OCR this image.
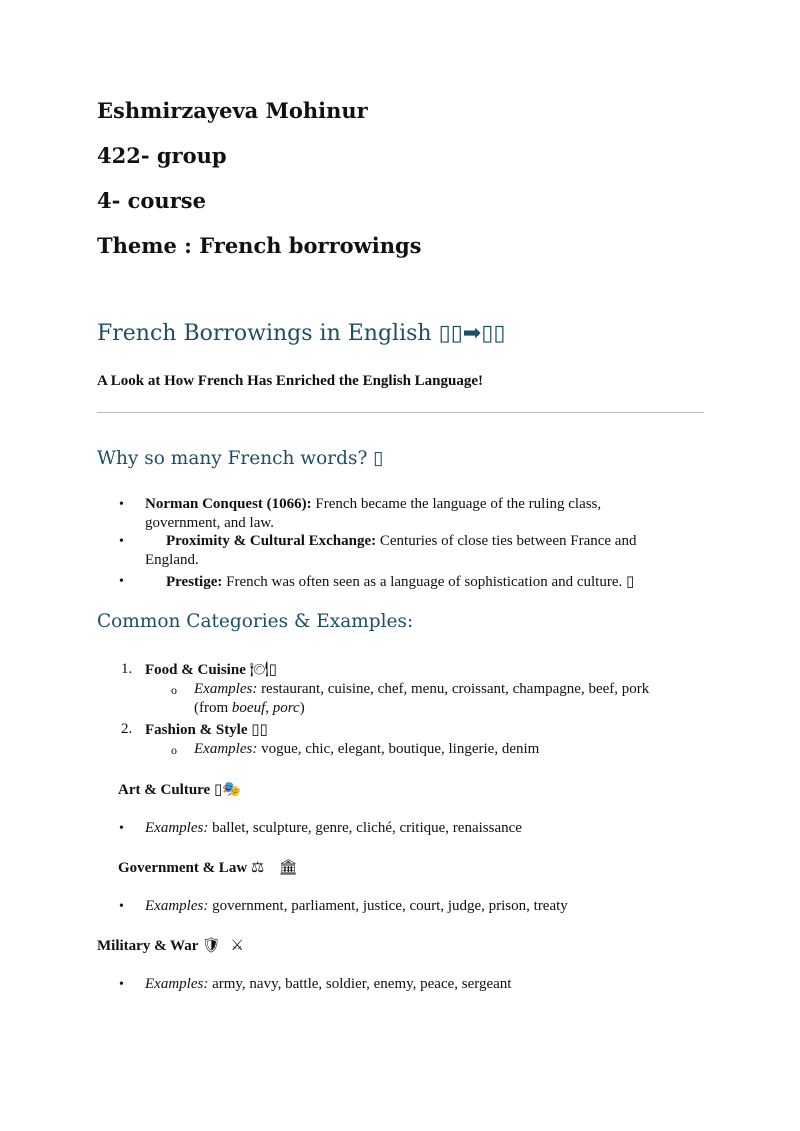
Eshmirzayeva Mohinur
422- group
4- course
Theme : French borrowings
French Borrowings in English ▯▯➡▯▯
A Look at How French Has Enriched the English Language!
Why so many French words? ▯
• Norman Conquest (1066): French became the language of the ruling class,
government, and law.
•	Proximity & Cultural Exchange: Centuries of close ties between France and
England.
•	Prestige: French was often seen as a language of sophistication and culture. ▯
Common Categories & Examples:
1. Food & Cuisine 🍽▯
o Examples: restaurant, cuisine, chef, menu, croissant, champagne, beef, pork
(from boeuf, porc)
2. Fashion & Style ▯▯
o Examples: vogue, chic, elegant, boutique, lingerie, denim
Art & Culture ▯🎭
• Examples: ballet, sculpture, genre, cliché, critique, renaissance
Government & Law ⚖   🏛
• Examples: government, parliament, justice, court, judge, prison, treaty
Military & War 🛡  ⚔
• Examples: army, navy, battle, soldier, enemy, peace, sergeant
